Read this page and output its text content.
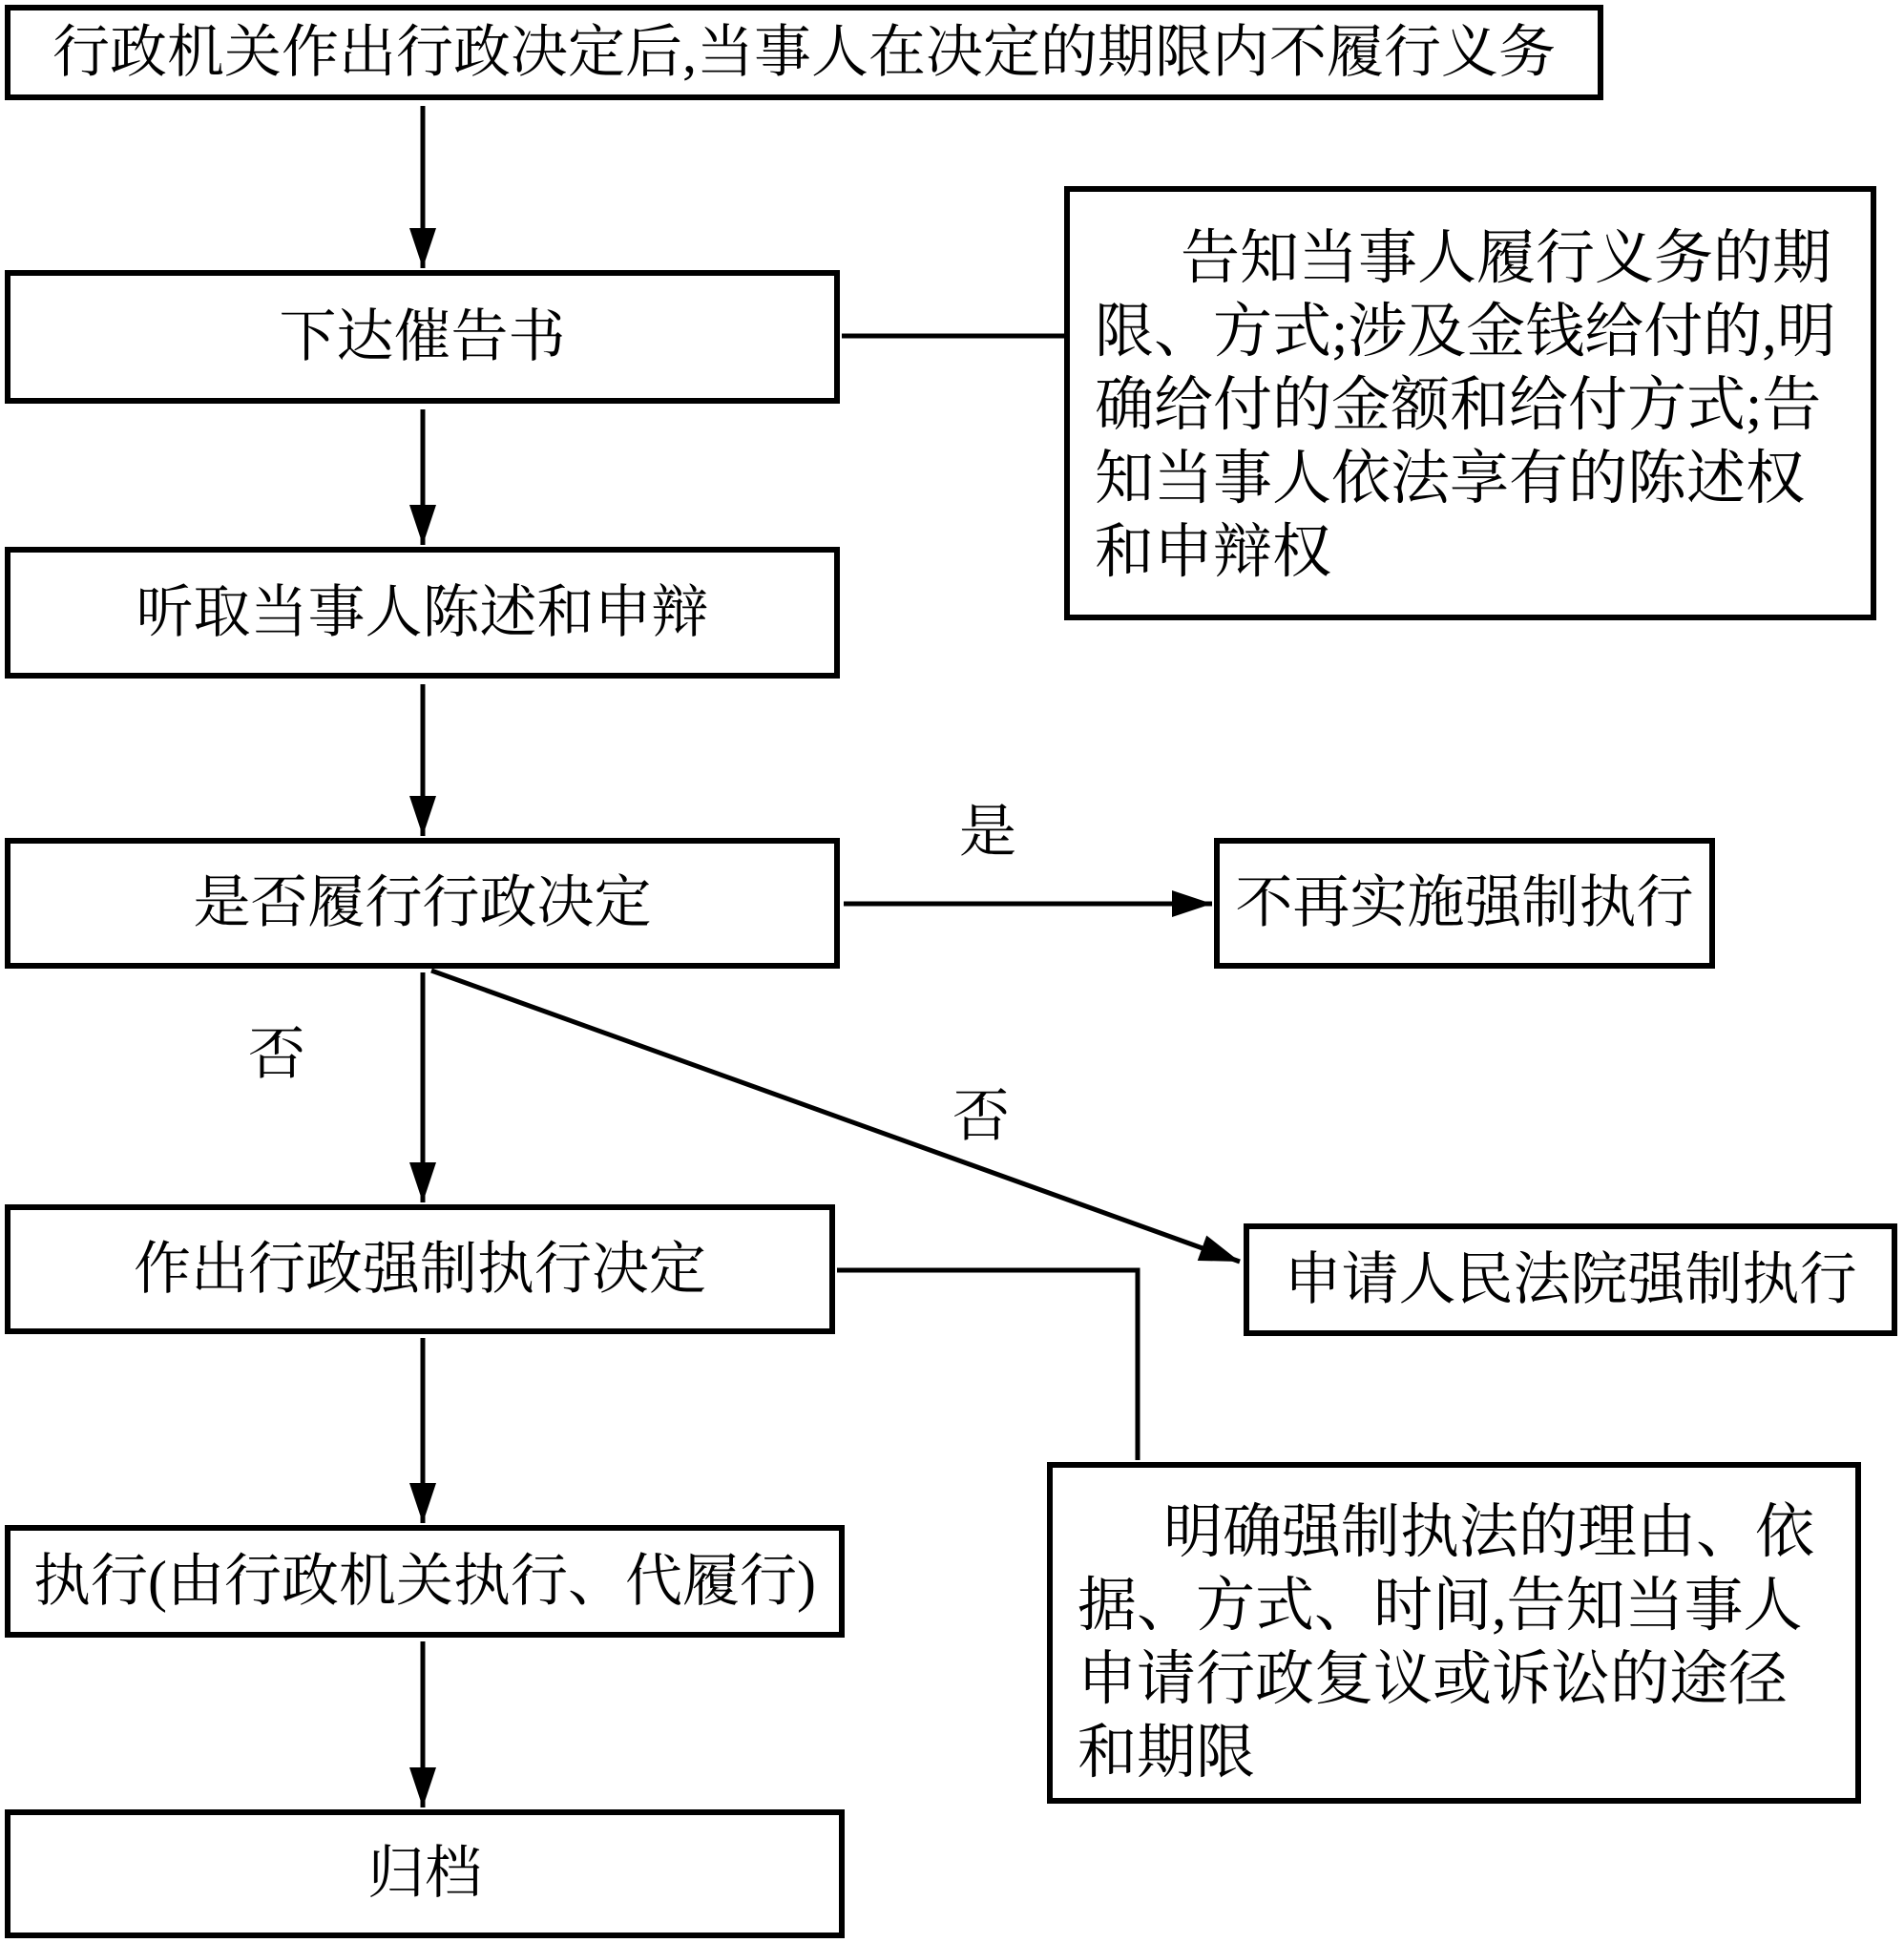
行政机关作出行政决定后,当事人在决定的期限内不履行义务
下达催告书
告知当事人履行义务的期
限、方式;涉及金钱给付的,明
确给付的金额和给付方式;告
知当事人依法享有的陈述权
和申辩权
听取当事人陈述和申辩
是否履行行政决定	不再实施强制执行
作出行政强制执行决定	申请人民法院强制执行
执行(由行政机关执行、代履行)
归档
明确强制执法的理由、依
据、方式、时间,告知当事人
申请行政复议或诉讼的途径
和期限
是
否
否
